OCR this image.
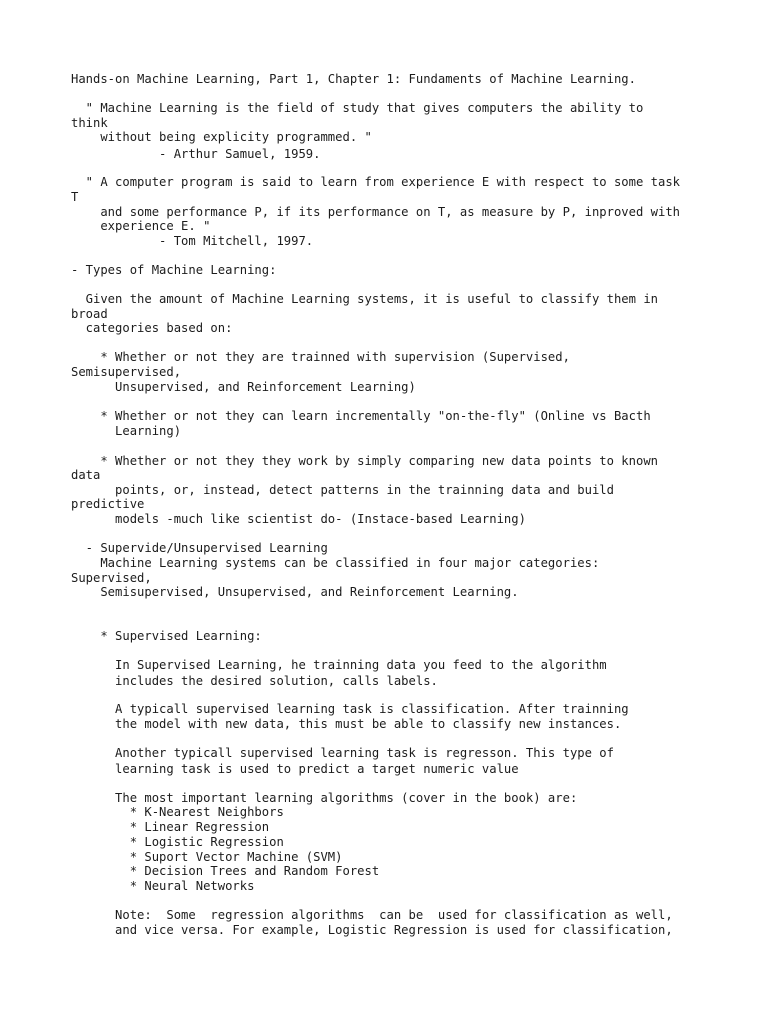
Hands-on Machine Learning, Part 1, Chapter 1: Fundaments of Machine Learning.

" Machine Learning is the field of study that gives computers the ability to

think

without being explicity programmed. "

- Arthur Samuel, 1959.

" A computer program is said to learn from experience E with respect to some task

T

and some performance P, if its performance on T, as measure by P, inproved with

experience E. "

- Tom Mitchell, 1997.

- Types of Machine Learning:

Given the amount of Machine Learning systems, it is useful to classify them in

broad

categories based on:

* Whether or not they are trainned with supervision (Supervised,

Semisupervised,

Unsupervised, and Reinforcement Learning)

* Whether or not they can learn incrementally "on-the-fly" (Online vs Bacth

Learning)

* Whether or not they they work by simply comparing new data points to known

data

points, or, instead, detect patterns in the trainning data and build

predictive

models -much like scientist do- (Instace-based Learning)

- Supervide/Unsupervised Learning

Machine Learning systems can be classified in four major categories:

Supervised,

Semisupervised, Unsupervised, and Reinforcement Learning.

* Supervised Learning:

In Supervised Learning, he trainning data you feed to the algorithm

includes the desired solution, calls labels.

A typicall supervised learning task is classification. After trainning

the model with new data, this must be able to classify new instances.

Another typicall supervised learning task is regresson. This type of

learning task is used to predict a target numeric value

The most important learning algorithms (cover in the book) are:

* K-Nearest Neighbors

* Linear Regression

* Logistic Regression

* Suport Vector Machine (SVM)

* Decision Trees and Random Forest

* Neural Networks

Note:  Some  regression algorithms  can be  used for classification as well,

and vice versa. For example, Logistic Regression is used for classification,
